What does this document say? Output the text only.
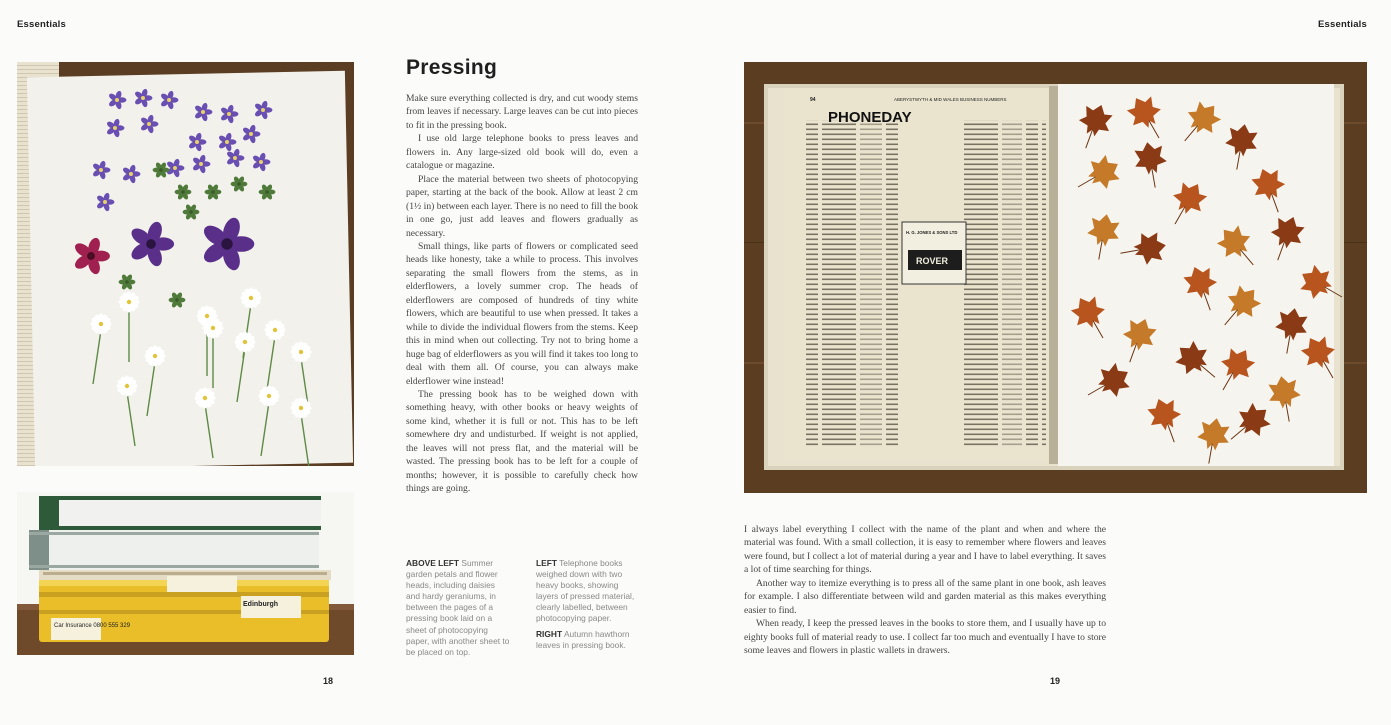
Essentials	Essentials
Car Insurance 0800 555 329
Edinburgh
94	ABERYSTWYTH & MID WALES BUSINESS NUMBERS
PHONEDAY
H. G. JONES & SONS LTD
ROVER
Pressing

Make sure everything collected is dry, and cut woody stems from leaves if necessary. Large leaves can be cut into pieces to fit in the pressing book.

I use old large telephone books to press leaves and flowers in. Any large-sized old book will do, even a catalogue or magazine.

Place the material between two sheets of photocopying paper, starting at the back of the book. Allow at least 2 cm (1½ in) between each layer. There is no need to fill the book in one go, just add leaves and flowers gradually as necessary.

Small things, like parts of flowers or complicated seed heads like honesty, take a while to process. This involves separating the small flowers from the stems, as in elderflowers, a lovely summer crop. The heads of elderflowers are composed of hundreds of tiny white flowers, which are beautiful to use when pressed. It takes a while to divide the individual flowers from the stems. Keep this in mind when out collecting. Try not to bring home a huge bag of elderflowers as you will find it takes too long to deal with them all. Of course, you can always make elderflower wine instead!

The pressing book has to be weighed down with something heavy, with other books or heavy weights of some kind, whether it is full or not. This has to be left somewhere dry and undisturbed. If weight is not applied, the leaves will not press flat, and the material will be wasted. The pressing book has to be left for a couple of months; however, it is possible to carefully check how things are going.

ABOVE LEFT Summer garden petals and flower heads, including daisies and hardy geraniums, in between the pages of a pressing book laid on a sheet of photocopying paper, with another sheet to be placed on top.
LEFT Telephone books weighed down with two heavy books, showing layers of pressed material, clearly labelled, between photocopying paper.
RIGHT Autumn hawthorn leaves in pressing book.

I always label everything I collect with the name of the plant and when and where the material was found. With a small collection, it is easy to remember where flowers and leaves were found, but I collect a lot of material during a year and I have to label everything. It saves a lot of time searching for things.

Another way to itemize everything is to press all of the same plant in one book, ash leaves for example. I also differentiate between wild and garden material as this makes everything easier to find.

When ready, I keep the pressed leaves in the books to store them, and I usually have up to eighty books full of material ready to use. I collect far too much and eventually I have to store some leaves and flowers in plastic wallets in drawers.

18	19
